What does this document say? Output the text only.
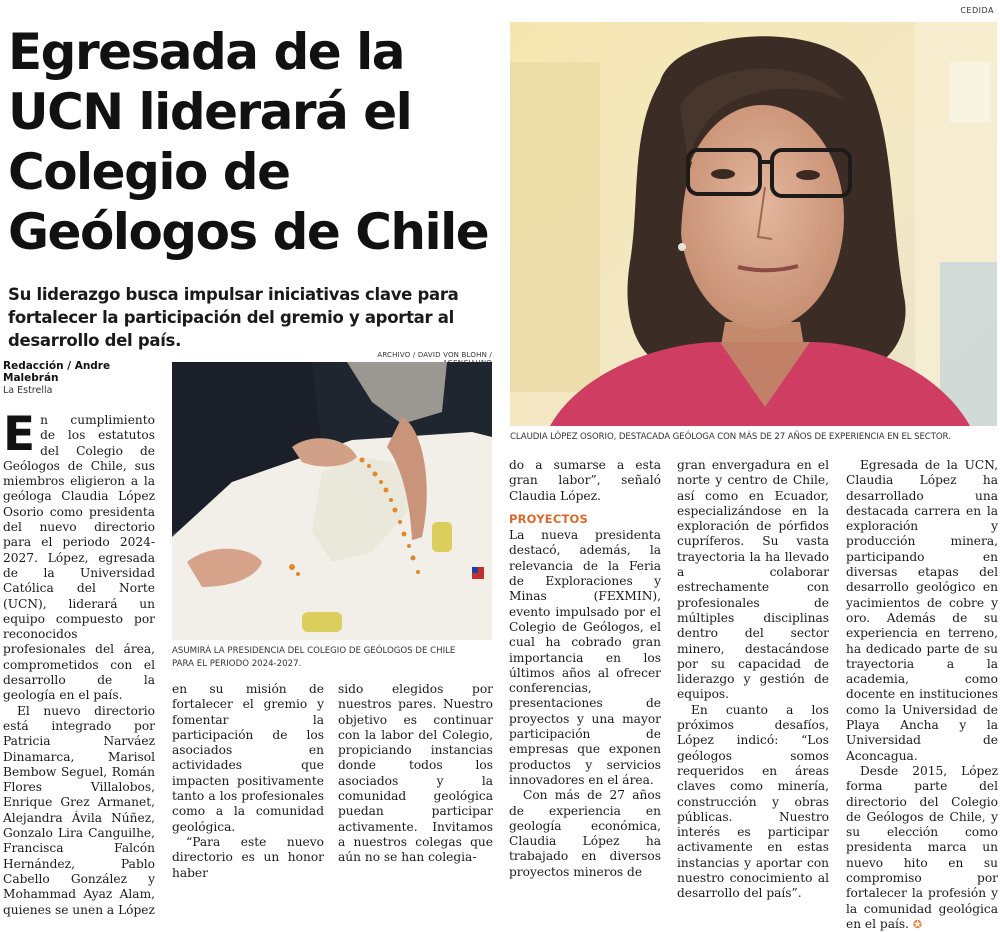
CEDIDA
Egresada de la
UCN liderará el
Colegio de
Geólogos de Chile
Su liderazgo busca impulsar iniciativas clave para fortalecer la participación del gremio y aportar al desarrollo del país.
Redacción / Andre Malebrán
La Estrella
CLAUDIA LÓPEZ OSORIO, DESTACADA GEÓLOGA CON MÁS DE 27 AÑOS DE EXPERIENCIA EN EL SECTOR.
ARCHIVO / DAVID VON BLOHN /
ASUMIRÁ LA PRESIDENCIA DEL COLEGIO DE GEÓLOGOS DE CHILE
PARA EL PERIODO 2024-2027.

En cumplimiento de los estatutos del Colegio de Geólogos de Chile, sus miembros eligieron a la geóloga Claudia López Osorio como presidenta del nuevo directorio para el periodo 2024-2027. López, egresada de la Universidad Católica del Norte (UCN), liderará un equipo compuesto por reconocidos profesionales del área, comprometidos con el desarrollo de la geología en el país.

El nuevo directorio está integrado por Patricia Narváez Dinamarca, Marisol Bembow Seguel, Román Flores Villalobos, Enrique Grez Armanet, Alejandra Ávila Núñez, Gonzalo Lira Canguilhe, Francisca Falcón Hernández, Pablo Cabello González y Mohammad Ayaz Alam, quienes se unen a López

en su misión de fortalecer el gremio y fomentar la participación de los asociados en actividades que impacten positivamente tanto a los profesionales como a la comunidad geológica.

“Para este nuevo directorio es un honor haber

sido elegidos por nuestros pares. Nuestro objetivo es continuar con la labor del Colegio, propiciando instancias donde todos los asociados y la comunidad geológica puedan participar activamente. Invitamos a nuestros colegas que aún no se han colegia-

do a sumarse a esta gran labor”, señaló Claudia López.

PROYECTOS

La nueva presidenta destacó, además, la relevancia de la Feria de Exploraciones y Minas (FEXMIN), evento impulsado por el Colegio de Geólogos, el cual ha cobrado gran importancia en los últimos años al ofrecer conferencias, presentaciones de proyectos y una mayor participación de empresas que exponen productos y servicios innovadores en el área.

Con más de 27 años de experiencia en geología económica, Claudia López ha trabajado en diversos proyectos mineros de

gran envergadura en el norte y centro de Chile, así como en Ecuador, especializándose en la exploración de pórfidos cupríferos. Su vasta trayectoria la ha llevado a colaborar estrechamente con profesionales de múltiples disciplinas dentro del sector minero, destacándose por su capacidad de liderazgo y gestión de equipos.

En cuanto a los próximos desafíos, López indicó: “Los geólogos somos requeridos en áreas claves como minería, construcción y obras públicas. Nuestro interés es participar activamente en estas instancias y aportar con nuestro conocimiento al desarrollo del país”.

Egresada de la UCN, Claudia López ha desarrollado una destacada carrera en la exploración y producción minera, participando en diversas etapas del desarrollo geológico en yacimientos de cobre y oro. Además de su experiencia en terreno, ha dedicado parte de su trayectoria a la academia, como docente en instituciones como la Universidad de Playa Ancha y la Universidad de Aconcagua.

Desde 2015, López forma parte del directorio del Colegio de Geólogos de Chile, y su elección como presidenta marca un nuevo hito en su compromiso por fortalecer la profesión y la comunidad geológica en el país. ✪
